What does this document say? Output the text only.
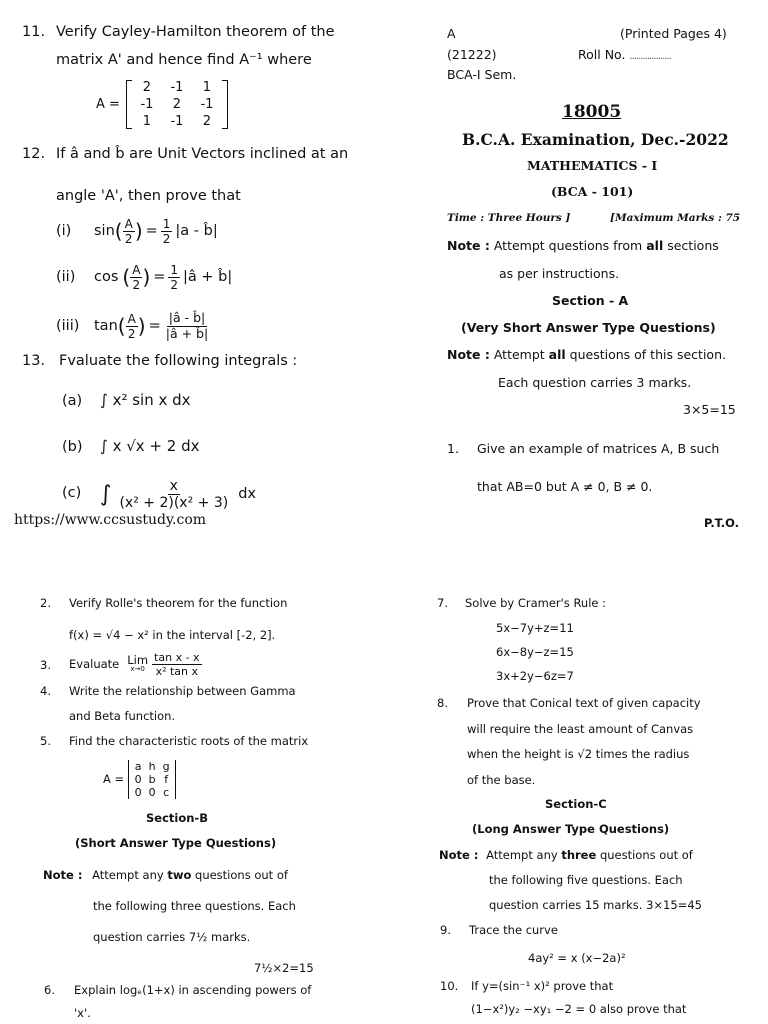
A	(Printed Pages 4)
(21222)	Roll No. ...................
BCA-I Sem.
18005
B.C.A. Examination, Dec.-2022
MATHEMATICS - I
(BCA - 101)
Time : Three Hours ]	[Maximum Marks : 75
Note : Attempt questions from all sections
as per instructions.
Section - A
(Very Short Answer Type Questions)
Note : Attempt all questions of this section.
Each question carries 3 marks.
3×5=15
1. Give an example of matrices A, B such
that AB=0 but A ≠ 0, B ≠ 0.
P.T.O.
11. Verify Cayley-Hamilton theorem of the
matrix A' and hence find A⁻¹ where
A =
2	-1	1
-1	2	-1
1	-1	2
12. If â and b̂ are Unit Vectors inclined at an
angle 'A', then prove that
(i)	sin ( $\frac{A}{2}$ ) = $\frac{1}{2} |a$ - b̂|
(ii)	cos ( $\frac{A}{2}$ ) = $\frac{1}{2}$ |â + b̂|
(iii)	tan ( $\frac{A}{2}$ ) = $\frac{|â - b̂|}{|â + b̂|}$
13. Fvaluate the following integrals :
(a) ∫ x² sin x dx
(b) ∫ x √x + 2 dx
(c) ∫ $\frac{x}{\text{(x² + 2)(x² + 3)}}$ dx
https://www.ccsustudy.com
2. Verify Rolle's theorem for the function
f(x) = √4 − x² in the interval [-2, 2].
3. Evaluate Lim
$x\to 0 \frac{\text{tan x - x}}{\text{x² tan x}}$
4. Write the relationship between Gamma
and Beta function.
5. Find the characteristic roots of the matrix
A =
a h g
0 b f
0 0 c
Section-B
(Short Answer Type Questions)
Note : Attempt any two questions out of
the following three questions. Each
question carries 7½ marks.
7½×2=15
6. Explain logₑ(1+x) in ascending powers of
'x'.
7. Solve by Cramer's Rule :
5x−7y+z=11
6x−8y−z=15
3x+2y−6z=7
8. Prove that Conical text of given capacity
will require the least amount of Canvas
when the height is √2 times the radius
of the base.
Section-C
(Long Answer Type Questions)
Note : Attempt any three questions out of
the following five questions. Each
question carries 15 marks. 3×15=45
9. Trace the curve
4ay² = x (x−2a)²
10. If y=(sin⁻¹ x)² prove that
(1−x²)y₂ −xy₁ −2 = 0 also prove that
